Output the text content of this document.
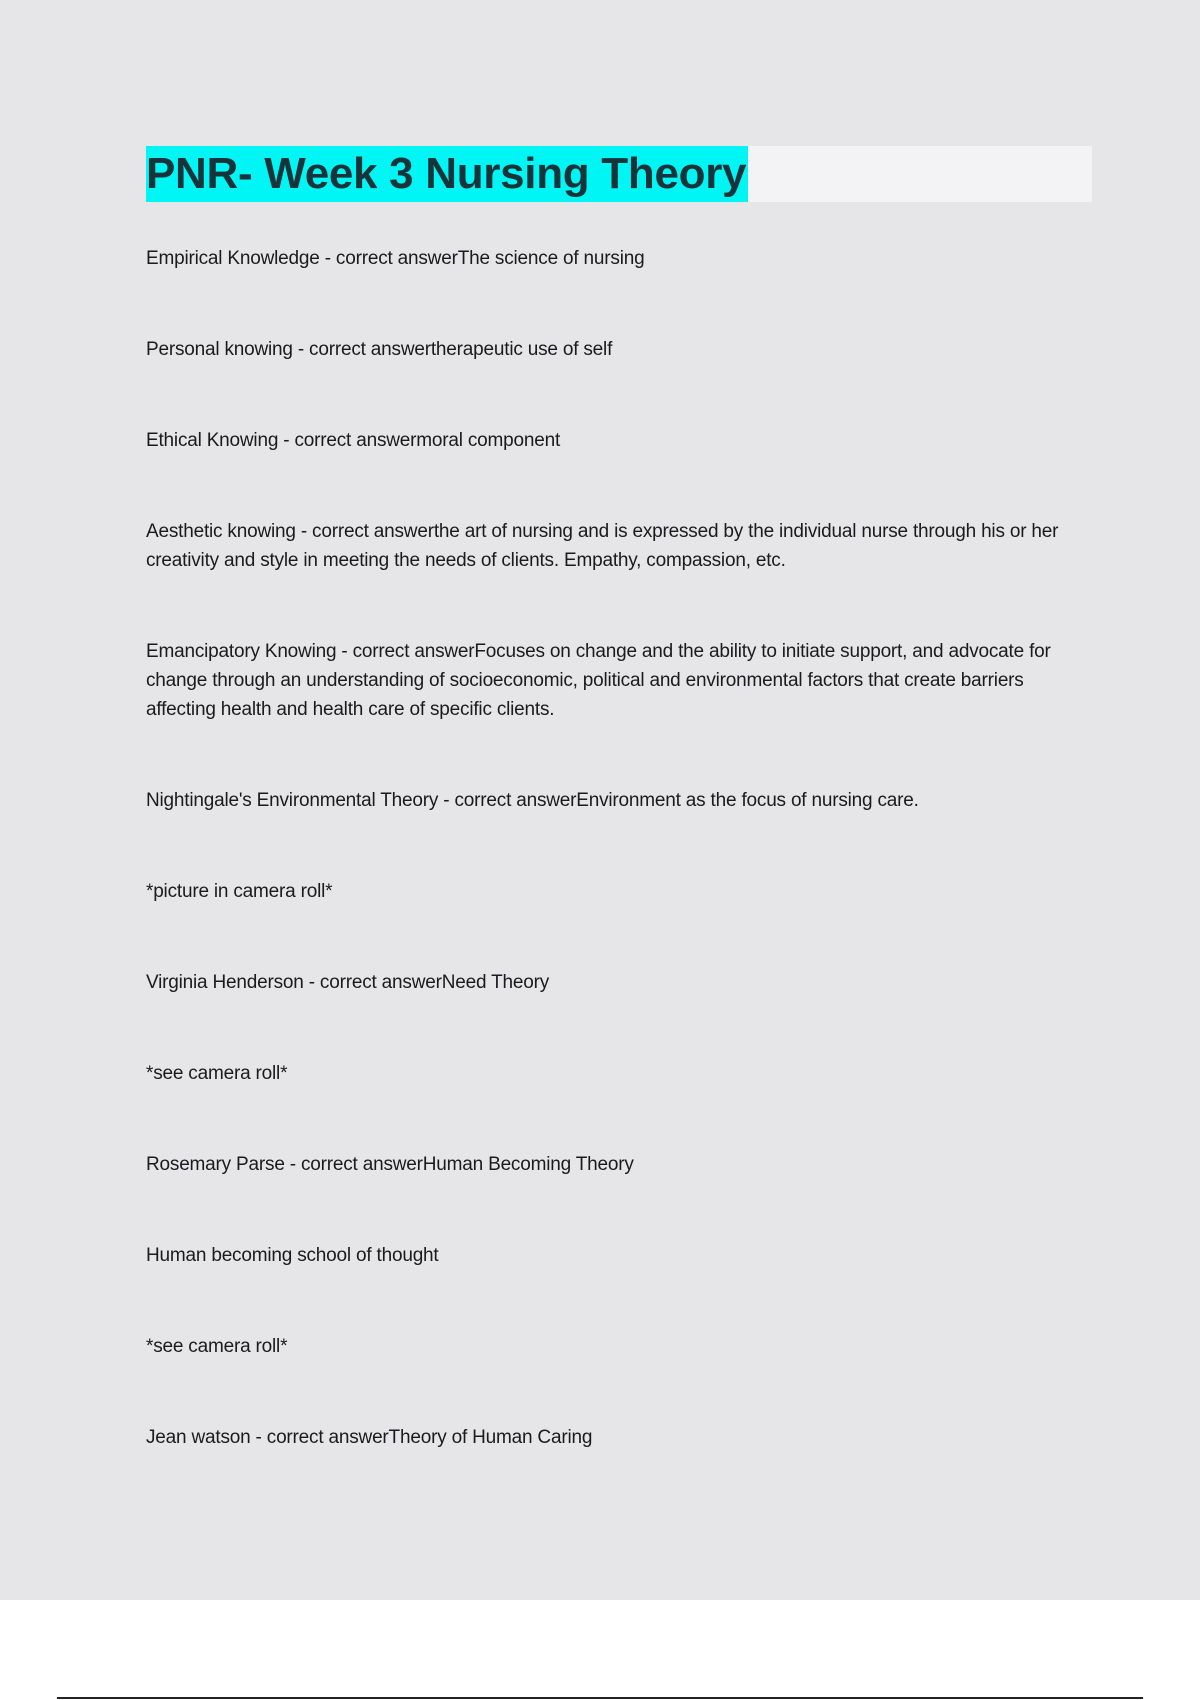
PNR- Week 3 Nursing Theory

Empirical Knowledge - correct answerThe science of nursing

Personal knowing - correct answertherapeutic use of self

Ethical Knowing - correct answermoral component

Aesthetic knowing - correct answerthe art of nursing and is expressed by the individual nurse through his or her creativity and style in meeting the needs of clients. Empathy, compassion, etc.

Emancipatory Knowing - correct answerFocuses on change and the ability to initiate support, and advocate for change through an understanding of socioeconomic, political and environmental factors that create barriers affecting health and health care of specific clients.

Nightingale's Environmental Theory - correct answerEnvironment as the focus of nursing care.

*picture in camera roll*

Virginia Henderson - correct answerNeed Theory

*see camera roll*

Rosemary Parse - correct answerHuman Becoming Theory

Human becoming school of thought

*see camera roll*

Jean watson - correct answerTheory of Human Caring
